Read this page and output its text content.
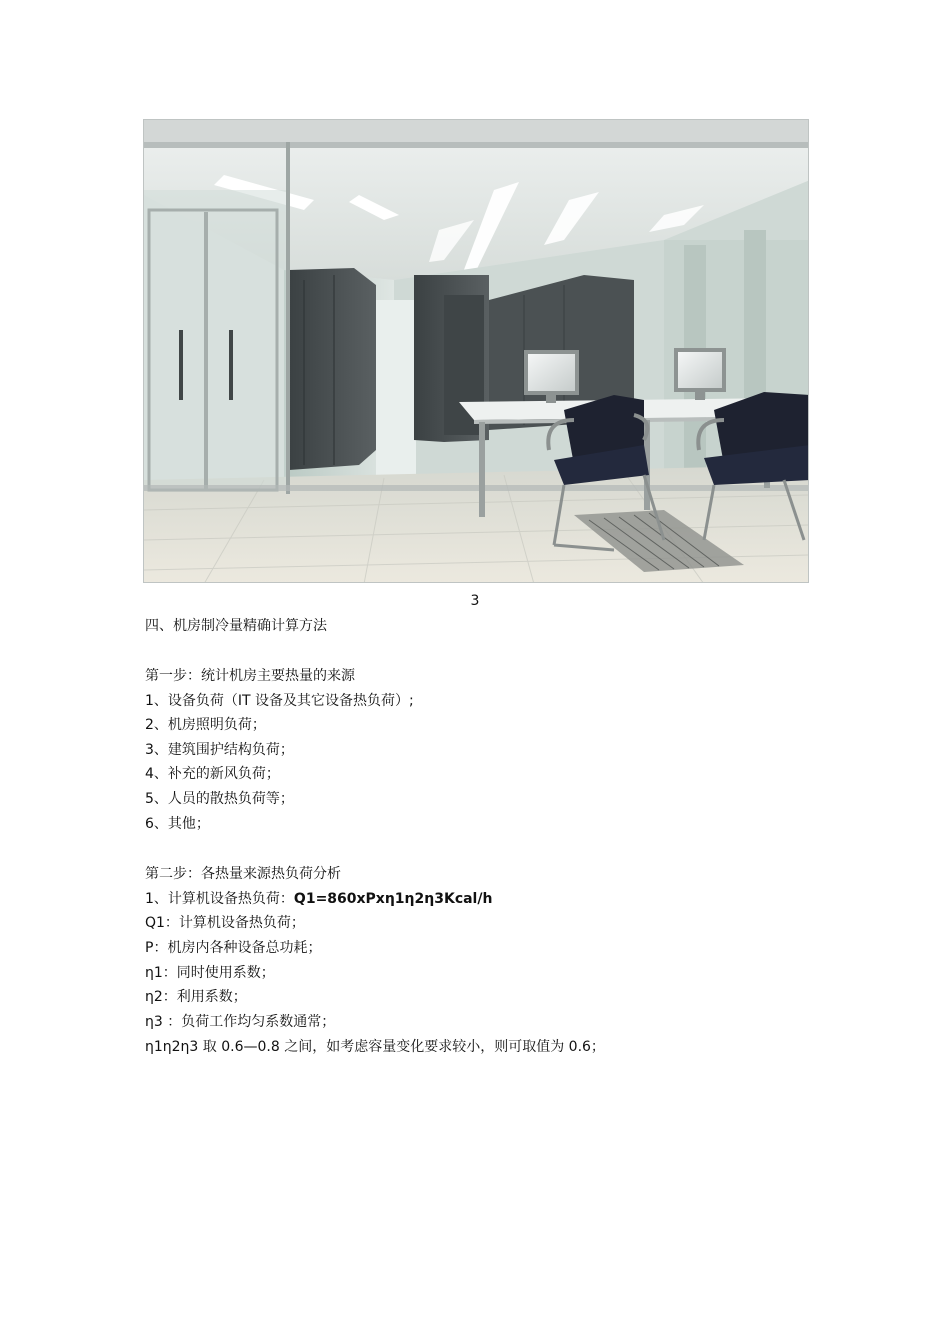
3
四、机房制冷量精确计算方法
第一步：统计机房主要热量的来源
1、设备负荷（IT 设备及其它设备热负荷）;
2、机房照明负荷；
3、建筑围护结构负荷；
4、补充的新风负荷；
5、人员的散热负荷等；
6、其他；
第二步：各热量来源热负荷分析
1、计算机设备热负荷：Q1=860xPxη1η2η3Kcal/h
Q1：计算机设备热负荷；
P：机房内各种设备总功耗；
η1：同时使用系数；
η2：利用系数；
η3 ：负荷工作均匀系数通常；
η1η2η3 取 0.6—0.8 之间，如考虑容量变化要求较小，则可取值为 0.6；
